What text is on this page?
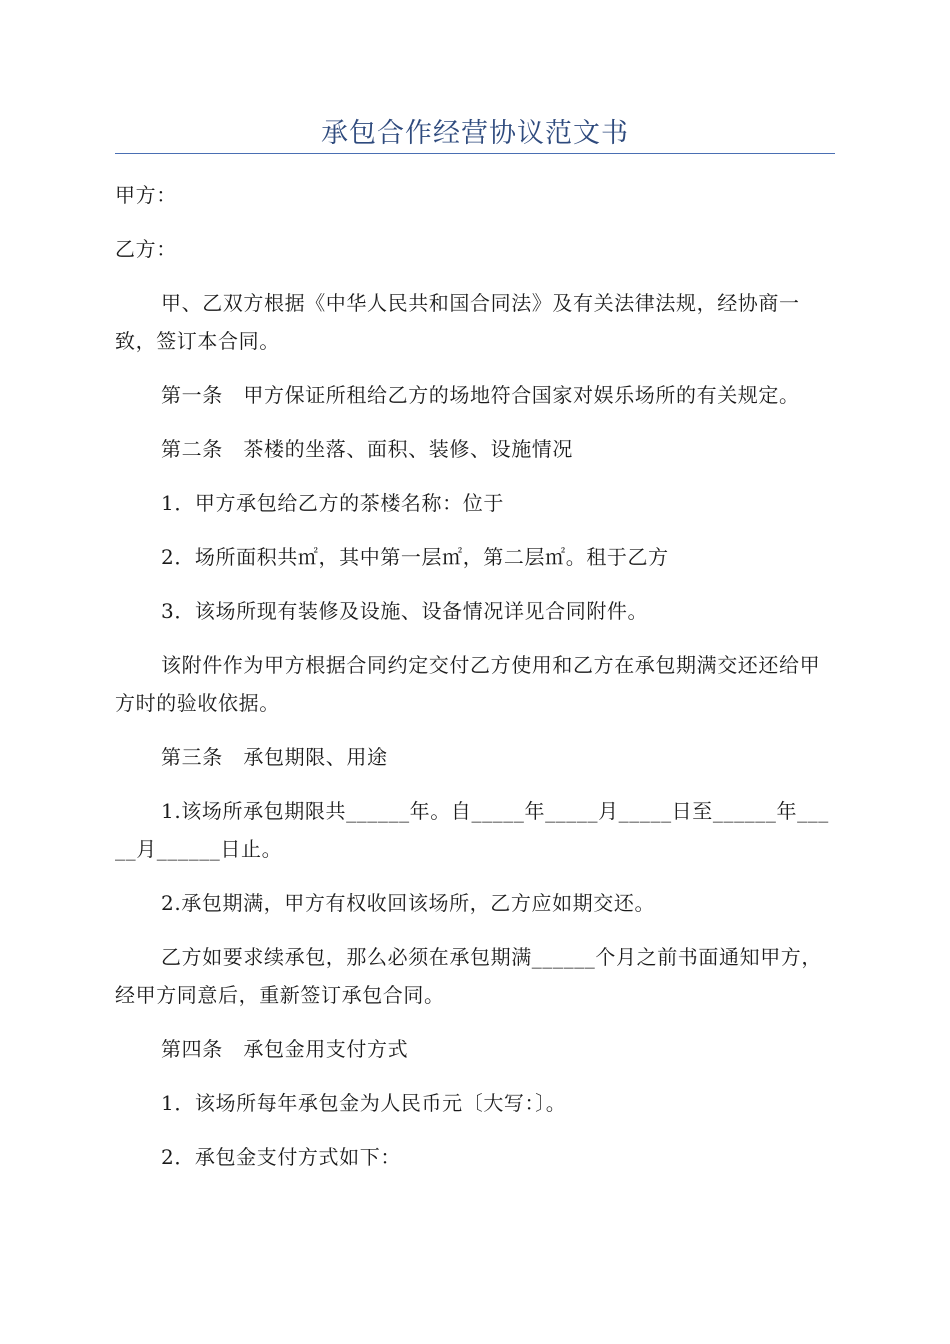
承包合作经营协议范文书

甲方：

乙方：

甲、乙双方根据《中华人民共和国合同法》及有关法律法规，经协商一致，签订本合同。

第一条　甲方保证所租给乙方的场地符合国家对娱乐场所的有关规定。

第二条　茶楼的坐落、面积、装修、设施情况

1．甲方承包给乙方的茶楼名称：位于

2．场所面积共㎡，其中第一层㎡，第二层㎡。租于乙方

3．该场所现有装修及设施、设备情况详见合同附件。

该附件作为甲方根据合同约定交付乙方使用和乙方在承包期满交还还给甲方时的验收依据。

第三条　承包期限、用途

1.该场所承包期限共______年。自_____年_____月_____日至______年_____月______日止。

2.承包期满，甲方有权收回该场所，乙方应如期交还。

乙方如要求续承包，那么必须在承包期满______个月之前书面通知甲方，经甲方同意后，重新签订承包合同。

第四条　承包金用支付方式

1．该场所每年承包金为人民币元〔大写：〕。

2．承包金支付方式如下：
